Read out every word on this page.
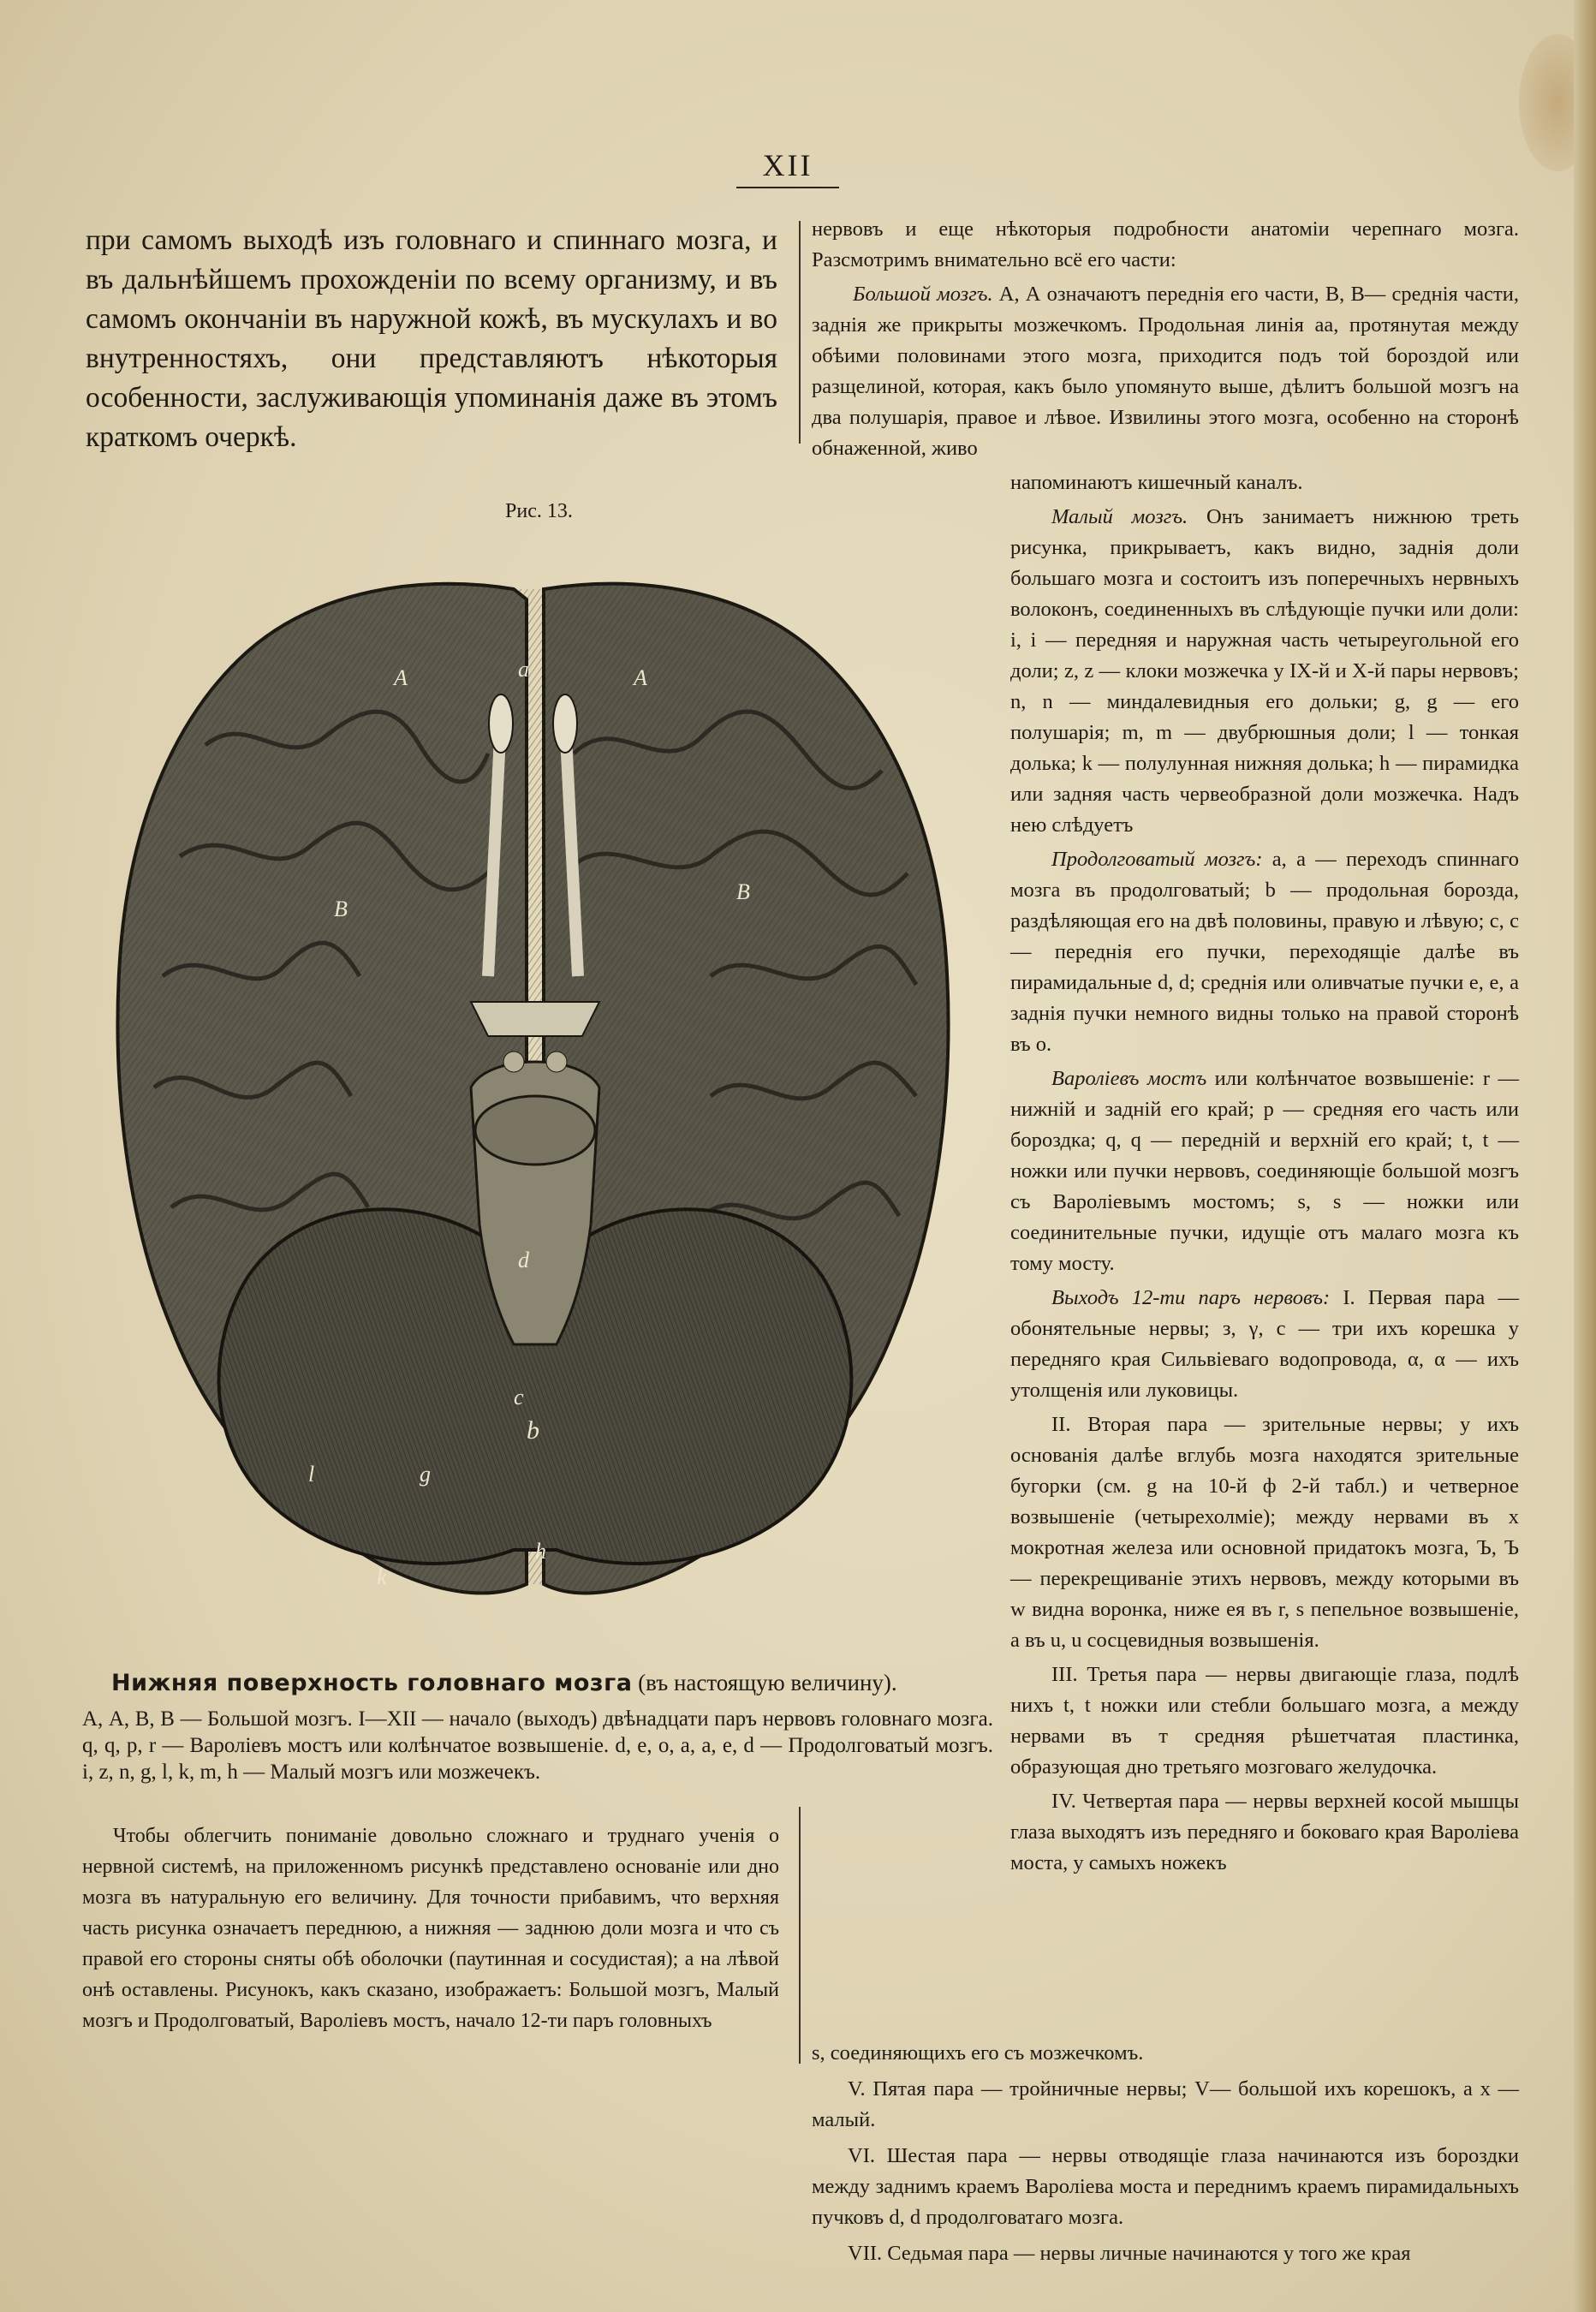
XII

при самомъ выходѣ изъ головнаго и спиннаго мозга, и въ дальнѣйшемъ прохожденіи по всему организму, и въ самомъ окончаніи въ наружной кожѣ, въ мускулахъ и во внутренностяхъ, они представляютъ нѣкоторыя особенности, заслуживающія упоминанія даже въ этомъ краткомъ очеркѣ.

Рис. 13.
A	A
B
B
a
b
c
d
g
h
k
l
Нижняя поверхность головнаго мозга (въ настоящую величину).
А, А, В, В — Большой мозгъ. I—XII — начало (выходъ) двѣнадцати паръ нервовъ головнаго мозга. q, q, p, r — Вароліевъ мостъ или колѣнчатое возвышеніе. d, e, o, a, a, e, d — Продолговатый мозгъ. i, z, n, g, l, k, m, h — Малый мозгъ или мозжечекъ.

Чтобы облегчить пониманіе довольно сложнаго и труднаго ученія о нервной системѣ, на приложенномъ рисункѣ представлено основаніе или дно мозга въ натуральную его величину. Для точности прибавимъ, что верхняя часть рисунка означаетъ переднюю, а нижняя — заднюю доли мозга и что съ правой его стороны сняты обѣ оболочки (паутинная и сосудистая); а на лѣвой онѣ оставлены. Рисунокъ, какъ сказано, изображаетъ: Большой мозгъ, Малый мозгъ и Продолговатый, Вароліевъ мостъ, начало 12-ти паръ головныхъ

нервовъ и еще нѣкоторыя подробности анатоміи черепнаго мозга. Разсмотримъ внимательно всё его части:

Большой мозгъ. А, А означаютъ переднія его части, В, В— среднія части, заднія же прикрыты мозжечкомъ. Продольная линія аа, протянутая между обѣими половинами этого мозга, приходится подъ той бороздой или разщелиной, которая, какъ было упомянуто выше, дѣлитъ большой мозгъ на два полушарія, правое и лѣвое. Извилины этого мозга, особенно на сторонѣ обнаженной, живо

напоминаютъ кишечный каналъ.

Малый мозгъ. Онъ занимаетъ нижнюю треть рисунка, прикрываетъ, какъ видно, заднія доли большаго мозга и состоитъ изъ поперечныхъ нервныхъ волоконъ, соединенныхъ въ слѣдующіе пучки или доли: i, i — передняя и наружная часть четыреугольной его доли; z, z — клоки мозжечка у IX-й и X-й пары нервовъ; n, n — миндалевидныя его дольки; g, g — его полушарія; m, m — двубрюшныя доли; l — тонкая долька; k — полулунная нижняя долька; h — пирамидка или задняя часть червеобразной доли мозжечка. Надъ нею слѣдуетъ

Продолговатый мозгъ: a, a — переходъ спиннаго мозга въ продолговатый; b — продольная борозда, раздѣляющая его на двѣ половины, правую и лѣвую; c, c — переднія его пучки, переходящіе далѣе въ пирамидальные d, d; среднія или оливчатые пучки e, e, а заднія пучки немного видны только на правой сторонѣ въ o.

Вароліевъ мостъ или колѣнчатое возвышеніе: r — нижній и задній его край; p — средняя его часть или бороздка; q, q — передній и верхній его край; t, t — ножки или пучки нервовъ, соединяющіе большой мозгъ съ Вароліевымъ мостомъ; s, s — ножки или соединительные пучки, идущіе отъ малаго мозга къ тому мосту.

Выходъ 12-ти паръ нервовъ: I. Первая пара — обонятельные нервы; з, γ, c — три ихъ корешка у передняго края Сильвіеваго водопровода, α, α — ихъ утолщенія или луковицы.

II. Вторая пара — зрительные нервы; у ихъ основанія далѣе вглубь мозга находятся зрительные бугорки (см. g на 10-й ф 2-й табл.) и четверное возвышеніе (четырехолміе); между нервами въ x мокротная железа или основной придатокъ мозга, Ъ, Ъ — перекрещиваніе этихъ нервовъ, между которыми въ w видна воронка, ниже ея въ r, s пепельное возвышеніе, а въ u, u сосцевидныя возвышенія.

III. Третья пара — нервы двигающіе глаза, подлѣ нихъ t, t ножки или стебли большаго мозга, а между нервами въ т средняя рѣшетчатая пластинка, образующая дно третьяго мозговаго желудочка.

IV. Четвертая пара — нервы верхней косой мышцы глаза выходятъ изъ передняго и боковаго края Вароліева моста, у самыхъ ножекъ

s, соединяющихъ его съ мозжечкомъ.

V. Пятая пара — тройничные нервы; V— большой ихъ корешокъ, а x — малый.

VI. Шестая пара — нервы отводящіе глаза начинаются изъ бороздки между заднимъ краемъ Вароліева моста и переднимъ краемъ пирамидальныхъ пучковъ d, d продолговатаго мозга.

VII. Седьмая пара — нервы личные начинаются у того же края
